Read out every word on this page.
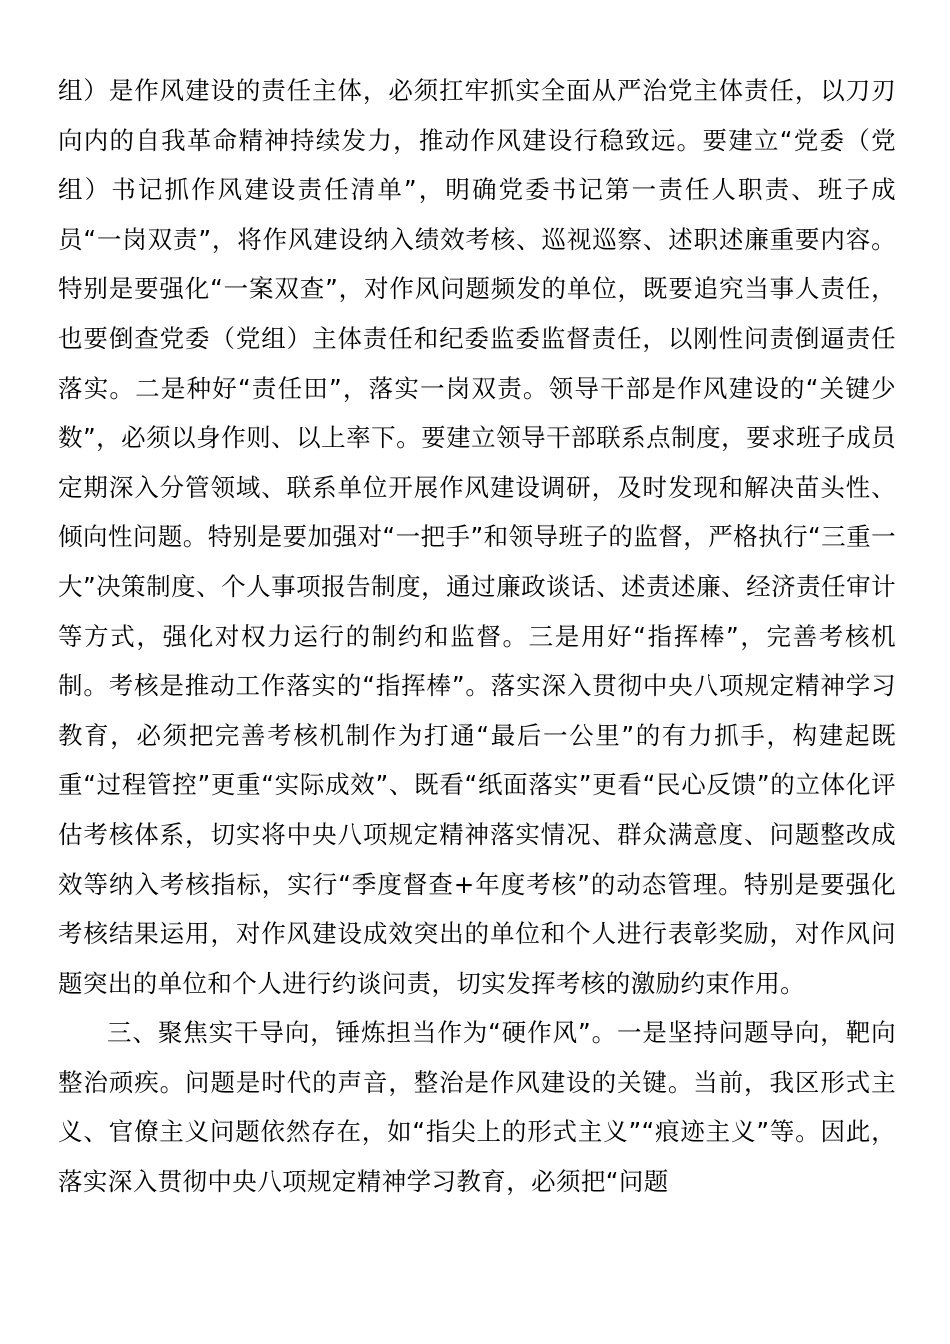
组）是作风建设的责任主体，必须扛牢抓实全面从严治党主体责任，以刀刃向内的自我革命精神持续发力，推动作风建设行稳致远。要建立“党委（党组）书记抓作风建设责任清单”，明确党委书记第一责任人职责、班子成员“一岗双责”，将作风建设纳入绩效考核、巡视巡察、述职述廉重要内容。特别是要强化“一案双查”，对作风问题频发的单位，既要追究当事人责任，也要倒查党委（党组）主体责任和纪委监委监督责任，以刚性问责倒逼责任落实。二是种好“责任田”，落实一岗双责。领导干部是作风建设的“关键少数”，必须以身作则、以上率下。要建立领导干部联系点制度，要求班子成员定期深入分管领域、联系单位开展作风建设调研，及时发现和解决苗头性、倾向性问题。特别是要加强对“一把手”和领导班子的监督，严格执行“三重一大”决策制度、个人事项报告制度，通过廉政谈话、述责述廉、经济责任审计等方式，强化对权力运行的制约和监督。三是用好“指挥棒”，完善考核机制。考核是推动工作落实的“指挥棒”。落实深入贯彻中央八项规定精神学习教育，必须把完善考核机制作为打通“最后一公里”的有力抓手，构建起既重“过程管控”更重“实际成效”、既看“纸面落实”更看“民心反馈”的立体化评估考核体系，切实将中央八项规定精神落实情况、群众满意度、问题整改成效等纳入考核指标，实行“季度督查+年度考核”的动态管理。特别是要强化考核结果运用，对作风建设成效突出的单位和个人进行表彰奖励，对作风问题突出的单位和个人进行约谈问责，切实发挥考核的激励约束作用。

三、聚焦实干导向，锤炼担当作为“硬作风”。一是坚持问题导向，靶向整治顽疾。问题是时代的声音，整治是作风建设的关键。当前，我区形式主义、官僚主义问题依然存在，如“指尖上的形式主义”“痕迹主义”等。因此，落实深入贯彻中央八项规定精神学习教育，必须把“问题
